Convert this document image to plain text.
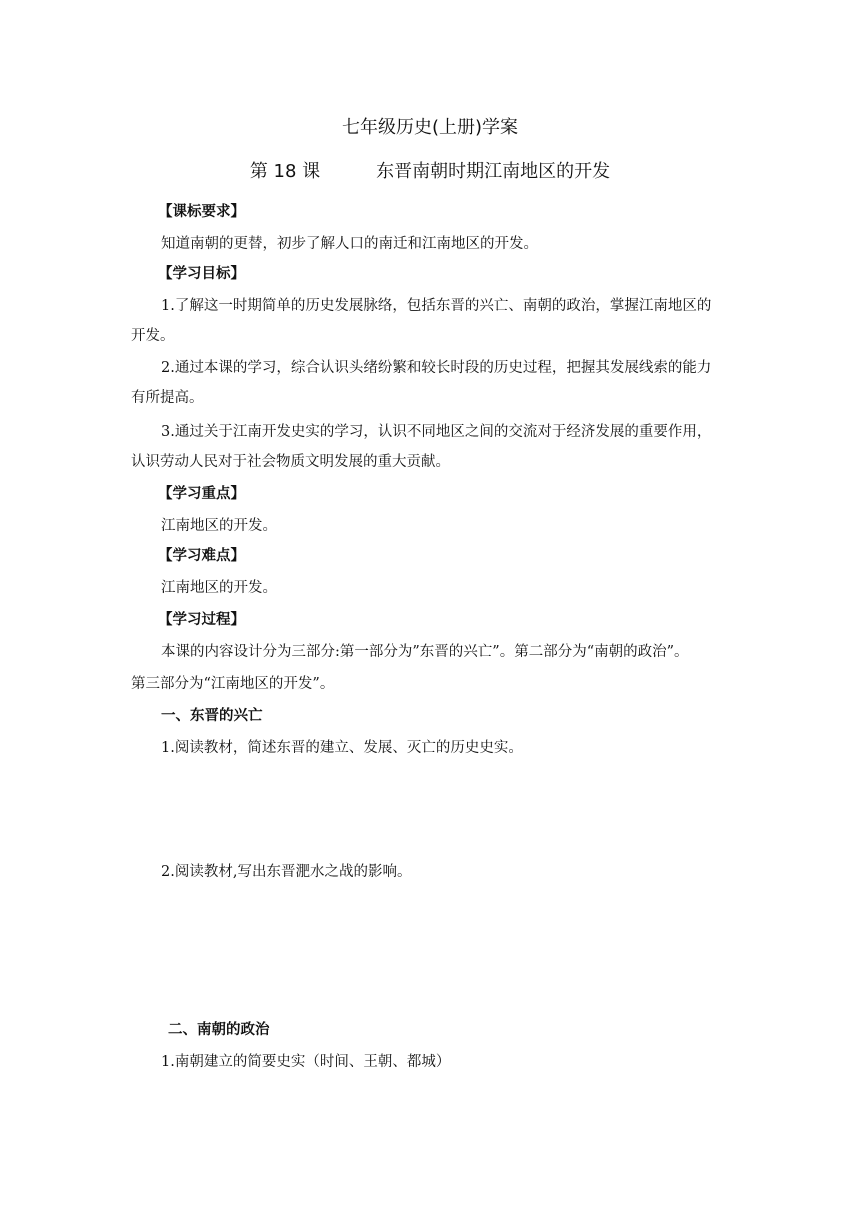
七年级历史(上册)学案
第 18 课	东晋南朝时期江南地区的开发
【课标要求】
知道南朝的更替，初步了解人口的南迁和江南地区的开发。
【学习目标】
1.了解这一时期简单的历史发展脉络，包括东晋的兴亡、南朝的政治，掌握江南地区的
开发。
2.通过本课的学习，综合认识头绪纷繁和较长时段的历史过程，把握其发展线索的能力
有所提高。
3.通过关于江南开发史实的学习，认识不同地区之间的交流对于经济发展的重要作用，
认识劳动人民对于社会物质文明发展的重大贡献。
【学习重点】
江南地区的开发。
【学习难点】
江南地区的开发。
【学习过程】
本课的内容设计分为三部分:第一部分为”东晋的兴亡”。第二部分为“南朝的政治”。
第三部分为“江南地区的开发”。
一、东晋的兴亡
1.阅读教材，简述东晋的建立、发展、灭亡的历史史实。
2.阅读教材,写出东晋淝水之战的影响。
二、南朝的政治
1.南朝建立的简要史实（时间、王朝、都城）
